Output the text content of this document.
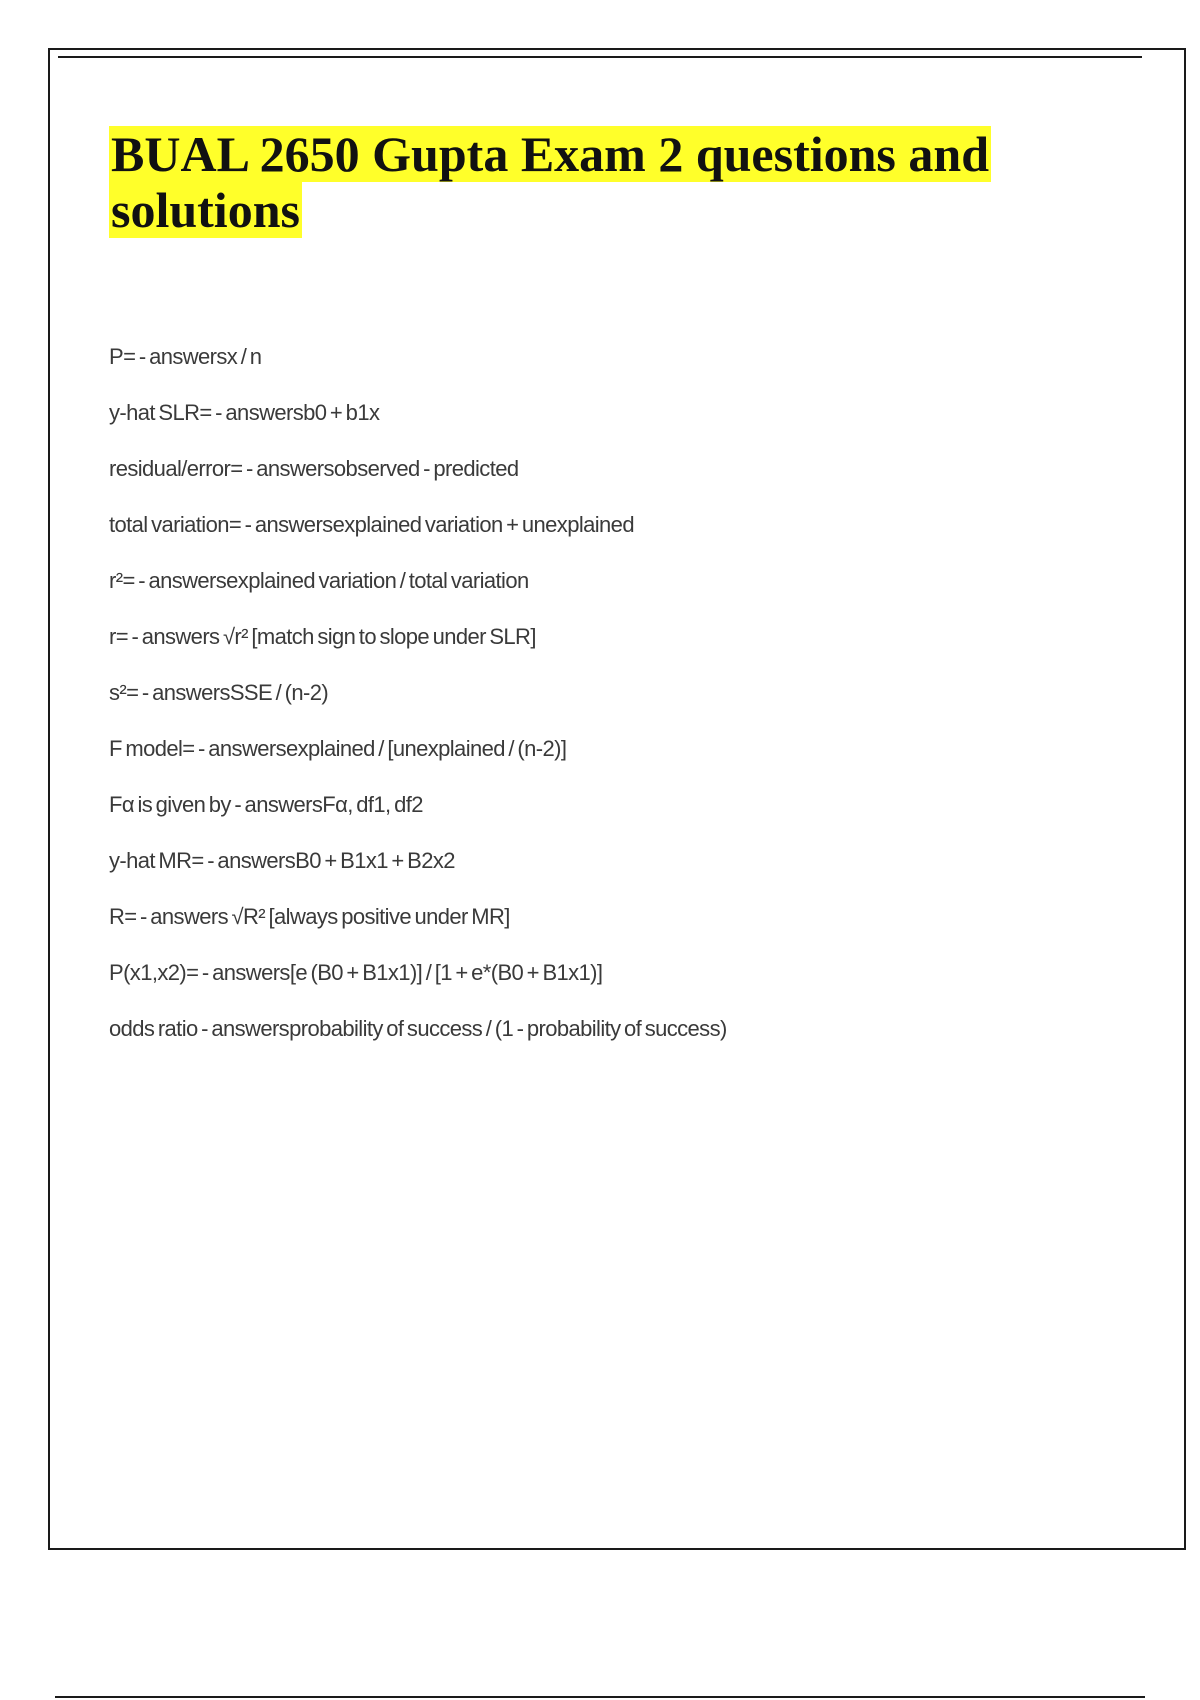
BUAL 2650 Gupta Exam 2 questions and solutions
P= - answersx / n
y-hat SLR= - answersb0 + b1x
residual/error= - answersobserved - predicted
total variation= - answersexplained variation + unexplained
r²= - answersexplained variation / total variation
r= - answers √r² [match sign to slope under SLR]
s²= - answersSSE / (n-2)
F model= - answersexplained / [unexplained / (n-2)]
Fα is given by - answersFα, df1, df2
y-hat MR= - answersB0 + B1x1 + B2x2
R= - answers √R² [always positive under MR]
P(x1,x2)= - answers[e (B0 + B1x1)] / [1 + e*(B0 + B1x1)]
odds ratio - answersprobability of success / (1 - probability of success)
